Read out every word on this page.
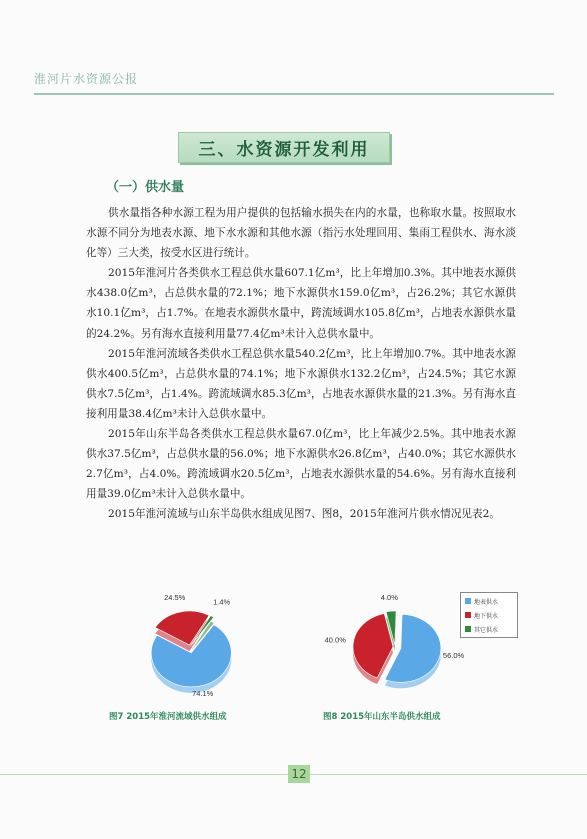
淮河片水资源公报
三、水资源开发利用
（一）供水量

供水量指各种水源工程为用户提供的包括输水损失在内的水量，也称取水量。按照取水水源不同分为地表水源、地下水水源和其他水源（指污水处理回用、集雨工程供水、海水淡化等）三大类，按受水区进行统计。

2015年淮河片各类供水工程总供水量607.1亿m³，比上年增加0.3%。其中地表水源供水438.0亿m³，占总供水量的72.1%；地下水源供水159.0亿m³，占26.2%；其它水源供水10.1亿m³，占1.7%。在地表水源供水量中，跨流域调水105.8亿m³，占地表水源供水量的24.2%。另有海水直接利用量77.4亿m³未计入总供水量中。

2015年淮河流域各类供水工程总供水量540.2亿m³，比上年增加0.7%。其中地表水源供水400.5亿m³，占总供水量的74.1%；地下水源供水132.2亿m³，占24.5%；其它水源供水7.5亿m³，占1.4%。跨流域调水85.3亿m³，占地表水源供水量的21.3%。另有海水直接利用量38.4亿m³未计入总供水量中。

2015年山东半岛各类供水工程总供水量67.0亿m³，比上年减少2.5%。其中地表水源供水37.5亿m³，占总供水量的56.0%；地下水源供水26.8亿m³，占40.0%；其它水源供水2.7亿m³，占4.0%。跨流域调水20.5亿m³，占地表水源供水量的54.6%。另有海水直接利用量39.0亿m³未计入总供水量中。

2015年淮河流域与山东半岛供水组成见图7、图8，2015年淮河片供水情况见表2。

74.1%
24.5%
1.4%
图7 2015年淮河流域供水组成
56.0%
40.0%
4.0%
图8 2015年山东半岛供水组成
地表供水
地下供水
其它供水
12
